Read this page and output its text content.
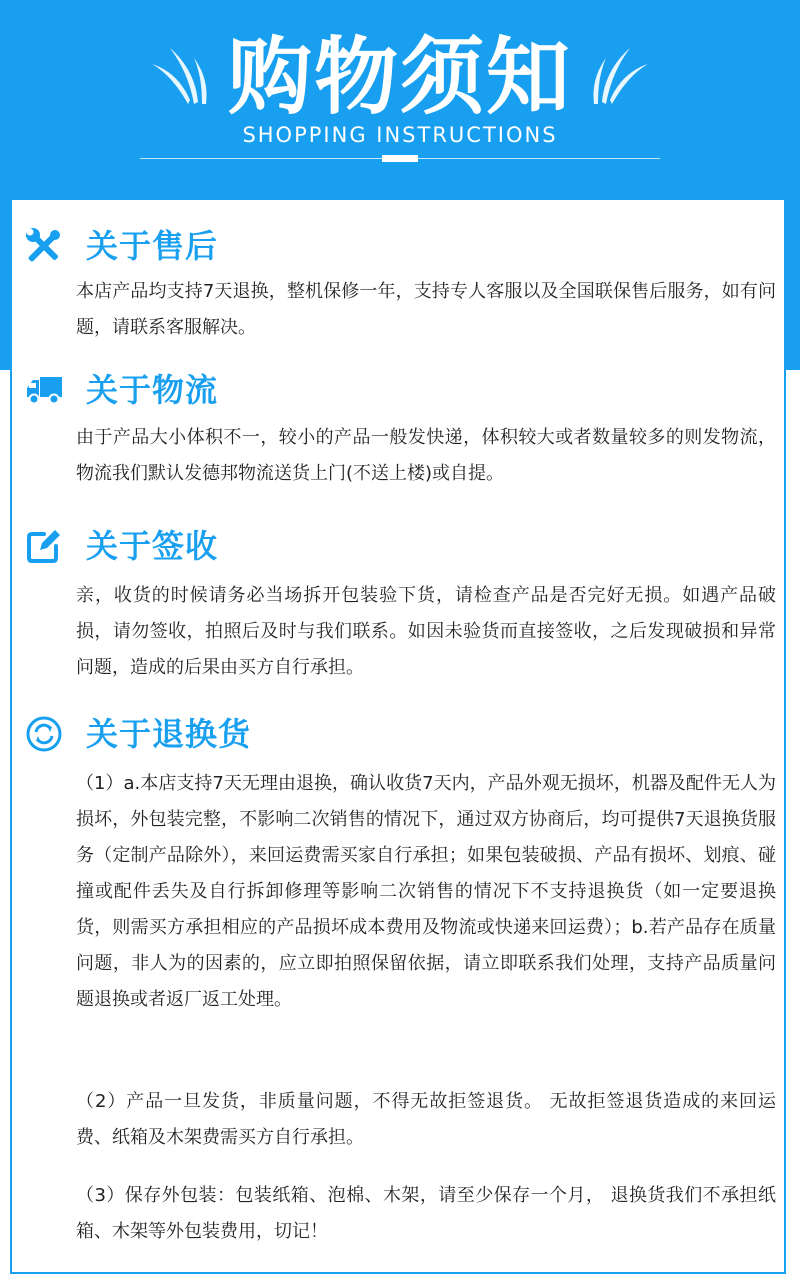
购物须知
SHOPPING INSTRUCTIONS
关于售后

本店产品均支持7天退换，整机保修一年，支持专人客服以及全国联保售后服务，如有问题，请联系客服解决。

关于物流

由于产品大小体积不一，较小的产品一般发快递，体积较大或者数量较多的则发物流，物流我们默认发德邦物流送货上门(不送上楼)或自提。

关于签收

亲，收货的时候请务必当场拆开包装验下货，请检查产品是否完好无损。如遇产品破损，请勿签收，拍照后及时与我们联系。如因未验货而直接签收，之后发现破损和异常问题，造成的后果由买方自行承担。

关于退换货

（1）a.本店支持7天无理由退换，确认收货7天内，产品外观无损坏，机器及配件无人为损坏，外包装完整，不影响二次销售的情况下，通过双方协商后，均可提供7天退换货服务（定制产品除外），来回运费需买家自行承担；如果包装破损、产品有损坏、划痕、碰撞或配件丢失及自行拆卸修理等影响二次销售的情况下不支持退换货（如一定要退换货，则需买方承担相应的产品损坏成本费用及物流或快递来回运费）；b.若产品存在质量问题，非人为的因素的，应立即拍照保留依据，请立即联系我们处理，支持产品质量问题退换或者返厂返工处理。

（2）产品一旦发货，非质量问题，不得无故拒签退货。 无故拒签退货造成的来回运费、纸箱及木架费需买方自行承担。

（3）保存外包装：包装纸箱、泡棉、木架，请至少保存一个月， 退换货我们不承担纸箱、木架等外包装费用，切记！
